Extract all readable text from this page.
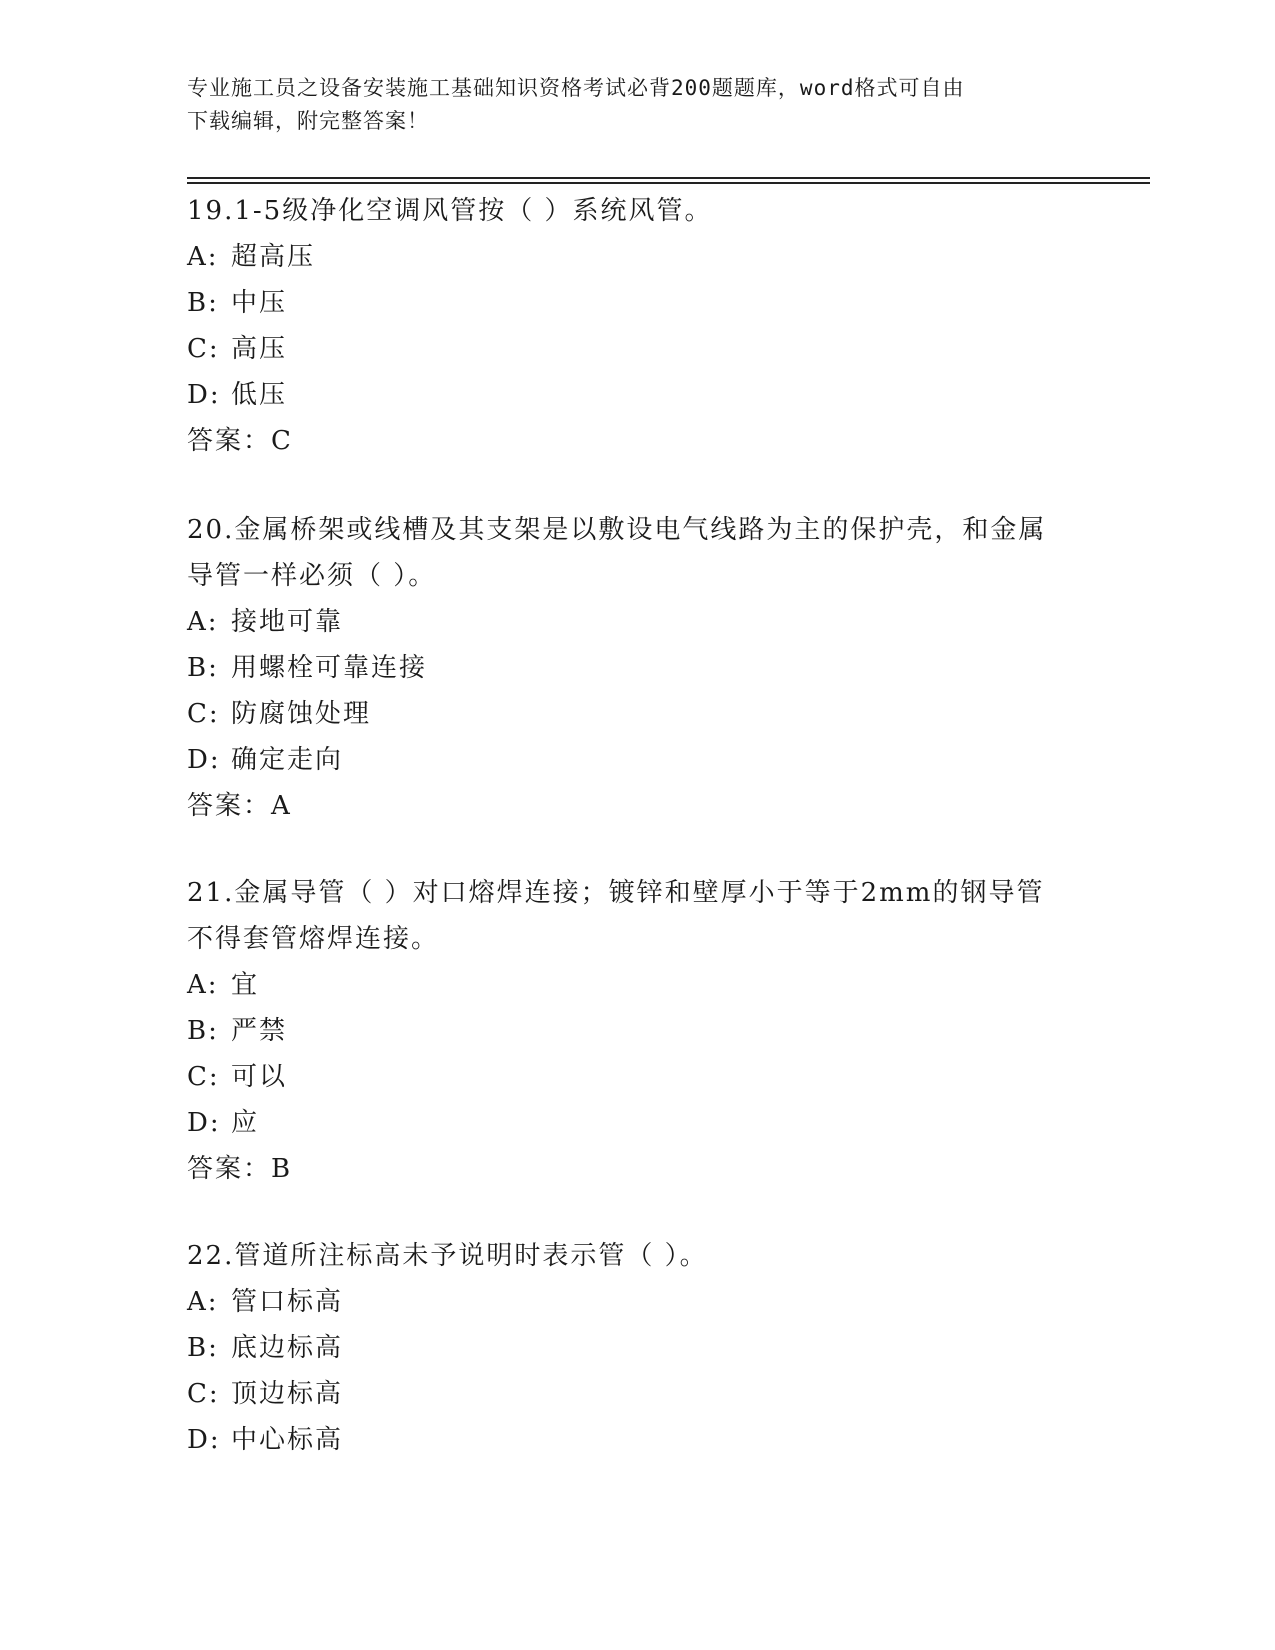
专业施工员之设备安装施工基础知识资格考试必背200题题库，word格式可自由
下载编辑，附完整答案！
19.1-5级净化空调风管按（ ）系统风管。
A: 超高压
B: 中压
C: 高压
D: 低压
答案：C
20.金属桥架或线槽及其支架是以敷设电气线路为主的保护壳，和金属
导管一样必须（ ）。
A: 接地可靠
B: 用螺栓可靠连接
C: 防腐蚀处理
D: 确定走向
答案：A
21.金属导管（ ）对口熔焊连接；镀锌和壁厚小于等于2mm的钢导管
不得套管熔焊连接。
A: 宜
B: 严禁
C: 可以
D: 应
答案：B
22.管道所注标高未予说明时表示管（ ）。
A: 管口标高
B: 底边标高
C: 顶边标高
D: 中心标高
